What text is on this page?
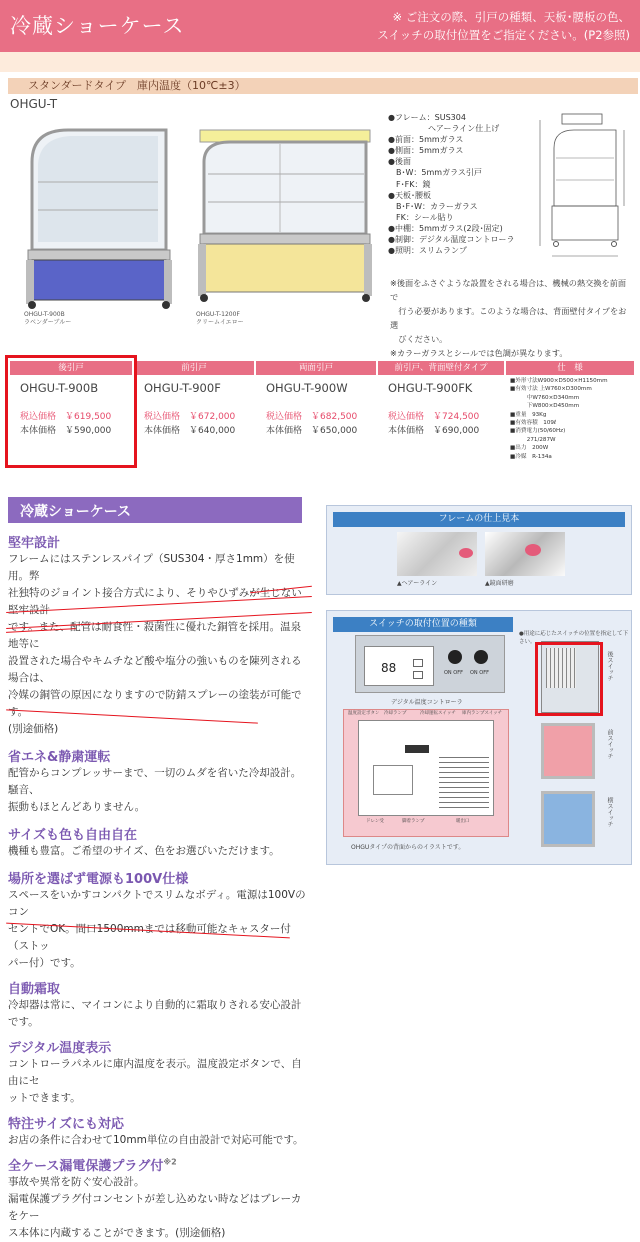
冷蔵ショーケース	※ ご注文の際、引戸の種類、天板･腰板の色、
スイッチの取付位置をご指定ください。(P2参照)
スタンダードタイプ　庫内温度（10℃±3）
OHGU-T
OHGU-T-900B
ラベンダーブルー
OHGU-T-1200F
クリームイエロー
●フレーム：SUS304
　　　　　ヘアーライン仕上げ
●前面：5mmガラス
●側面：5mmガラス
●後面
　B･W：5mmガラス引戸
　F･FK：鏡
●天板･腰板
　B･F･W：カラーガラス
　FK：シール貼り
●中棚：5mmガラス(2段･固定)
●制御：デジタル温度コントローラ
●照明：スリムランプ
※後面をふさぐような設置をされる場合は、機械の熱交換を前面で
　行う必要があります。このような場合は、背面壁付タイプをお選
　びください。
※カラーガラスとシールでは色調が異なります。
後引戸	前引戸	両面引戸	前引戸、背面壁付タイプ	仕　様
OHGU-T-900B
税込価格　 ￥619,500
本体価格　 ￥590,000
OHGU-T-900F
税込価格　 ￥672,000
本体価格　 ￥640,000
OHGU-T-900W
税込価格　 ￥682,500
本体価格　 ￥650,000
OHGU-T-900FK
税込価格　 ￥724,500
本体価格　 ￥690,000
■外形寸法W900×D500×H1150mm
■有効寸法 上W760×D300mm
　　　中W760×D340mm
　　　下W800×D450mm
■重量　93Kg
■有効容積　109ℓ
■消費電力(50/60Hz)
　　　271/287W
■出力　200W
■冷媒　R-134a
冷蔵ショーケース
堅牢設計
フレームにはステンレスパイプ（SUS304・厚さ1mm）を使用。弊
社独特のジョイント接合方式により、そりやひずみが生じない堅牢設計
です。また、配管は耐食性・殺菌性に優れた銅管を採用。温泉地等に
設置された場合やキムチなど酸や塩分の強いものを陳列される場合は、
冷媒の銅管の原因になりますので防錆スプレーの塗装が可能です。
(別途価格)
省エネ&静粛運転
配管からコンプレッサーまで、一切のムダを省いた冷却設計。騒音、
振動もほとんどありません。
サイズも色も自由自在
機種も豊富。ご希望のサイズ、色をお選びいただけます。
場所を選ばず電源も100V仕様
スペースをいかすコンパクトでスリムなボディ。電源は100Vのコン
セントでOK。間口1500mmまでは移動可能なキャスター付（ストッ
パー付）です。
自動霜取
冷却器は常に、マイコンにより自動的に霜取りされる安心設計です。
デジタル温度表示
コントローラパネルに庫内温度を表示。温度設定ボタンで、自由にセ
ットできます。
特注サイズにも対応
お店の条件に合わせて10mm単位の自由設計で対応可能です。
全ケース漏電保護プラグ付$^{※2}$
事故や異常を防ぐ安心設計。
漏電保護プラグ付コンセントが差し込めない時などはブレーカをケー
ス本体に内蔵することができます。(別途価格)
フレームの仕上見本
▲ヘアーライン	▲鏡面研磨
スイッチの取付位置の種類
●用途に応じたスイッチの位置を指定して下さい。
88	ON OFF ON OFF
デジタル温度コントローラ
温度設定ボタン 冷却ランプ	冷却運転スイッチ 庫内ランプスイッチ
ドレン受	脚着ランプ	暖出口
OHGUタイプの背面からのイラストです。
後スイッチ
前スイッチ
横スイッチ
